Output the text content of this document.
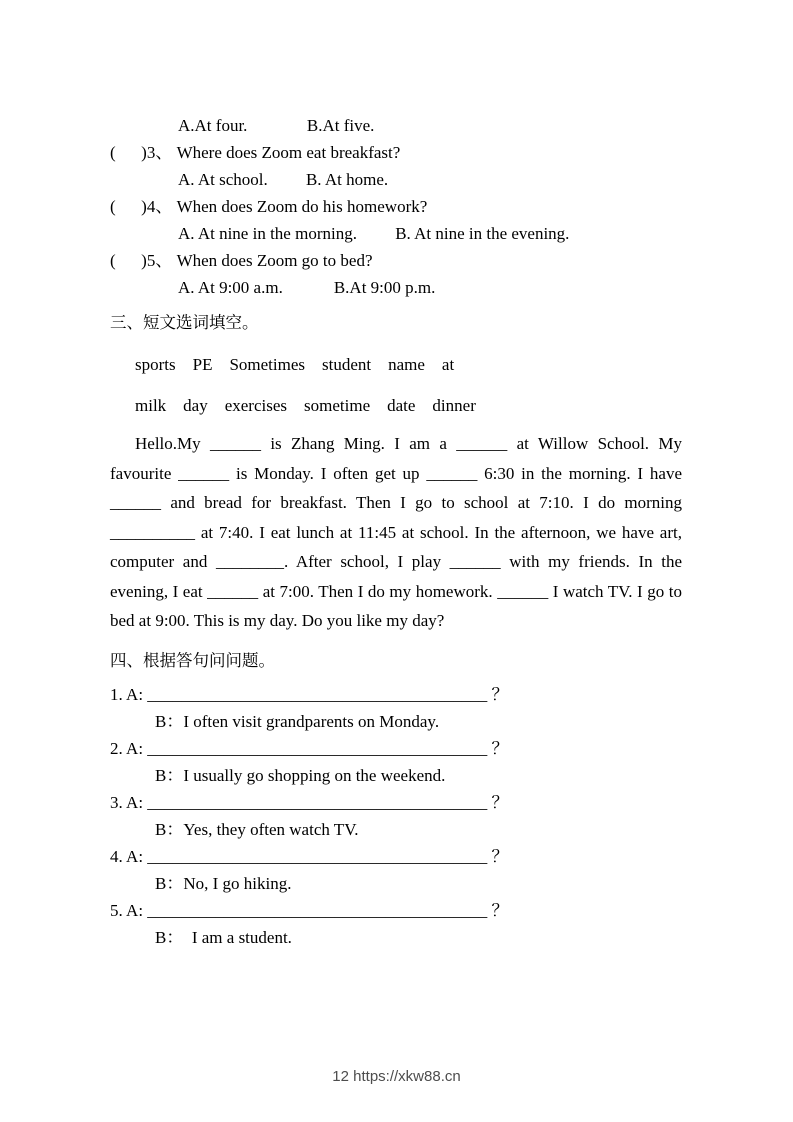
A.At four.              B.At five.
(      )3、 Where does Zoom eat breakfast?
A. At school.         B. At home.
(      )4、 When does Zoom do his homework?
A. At nine in the morning.         B. At nine in the evening.
(      )5、 When does Zoom go to bed?
A. At 9:00 a.m.            B.At 9:00 p.m.
三、短文选词填空。
sports    PE    Sometimes    student    name    at
milk    day    exercises    sometime    date    dinner

Hello.My ______ is Zhang Ming. I am a ______ at Willow School. My favourite ______ is Monday. I often get up ______ 6:30 in the morning. I have ______ and bread for breakfast. Then I go to school at 7:10. I do morning __________ at 7:40. I eat lunch at 11:45 at school. In the afternoon, we have art, computer and ________. After school, I play ______ with my friends. In the evening, I eat ______ at 7:00. Then I do my homework. ______ I watch TV. I go to bed at 9:00. This is my day. Do you like my day?

四、根据答句问问题。
1. A: ________________________________________ ？
B：I often visit grandparents on Monday.
2. A: ________________________________________ ？
B：I usually go shopping on the weekend.
3. A: ________________________________________ ？
B：Yes, they often watch TV.
4. A: ________________________________________ ？
B：No, I go hiking.
5. A: ________________________________________ ？
B：  I am a student.
12 https://xkw88.cn
